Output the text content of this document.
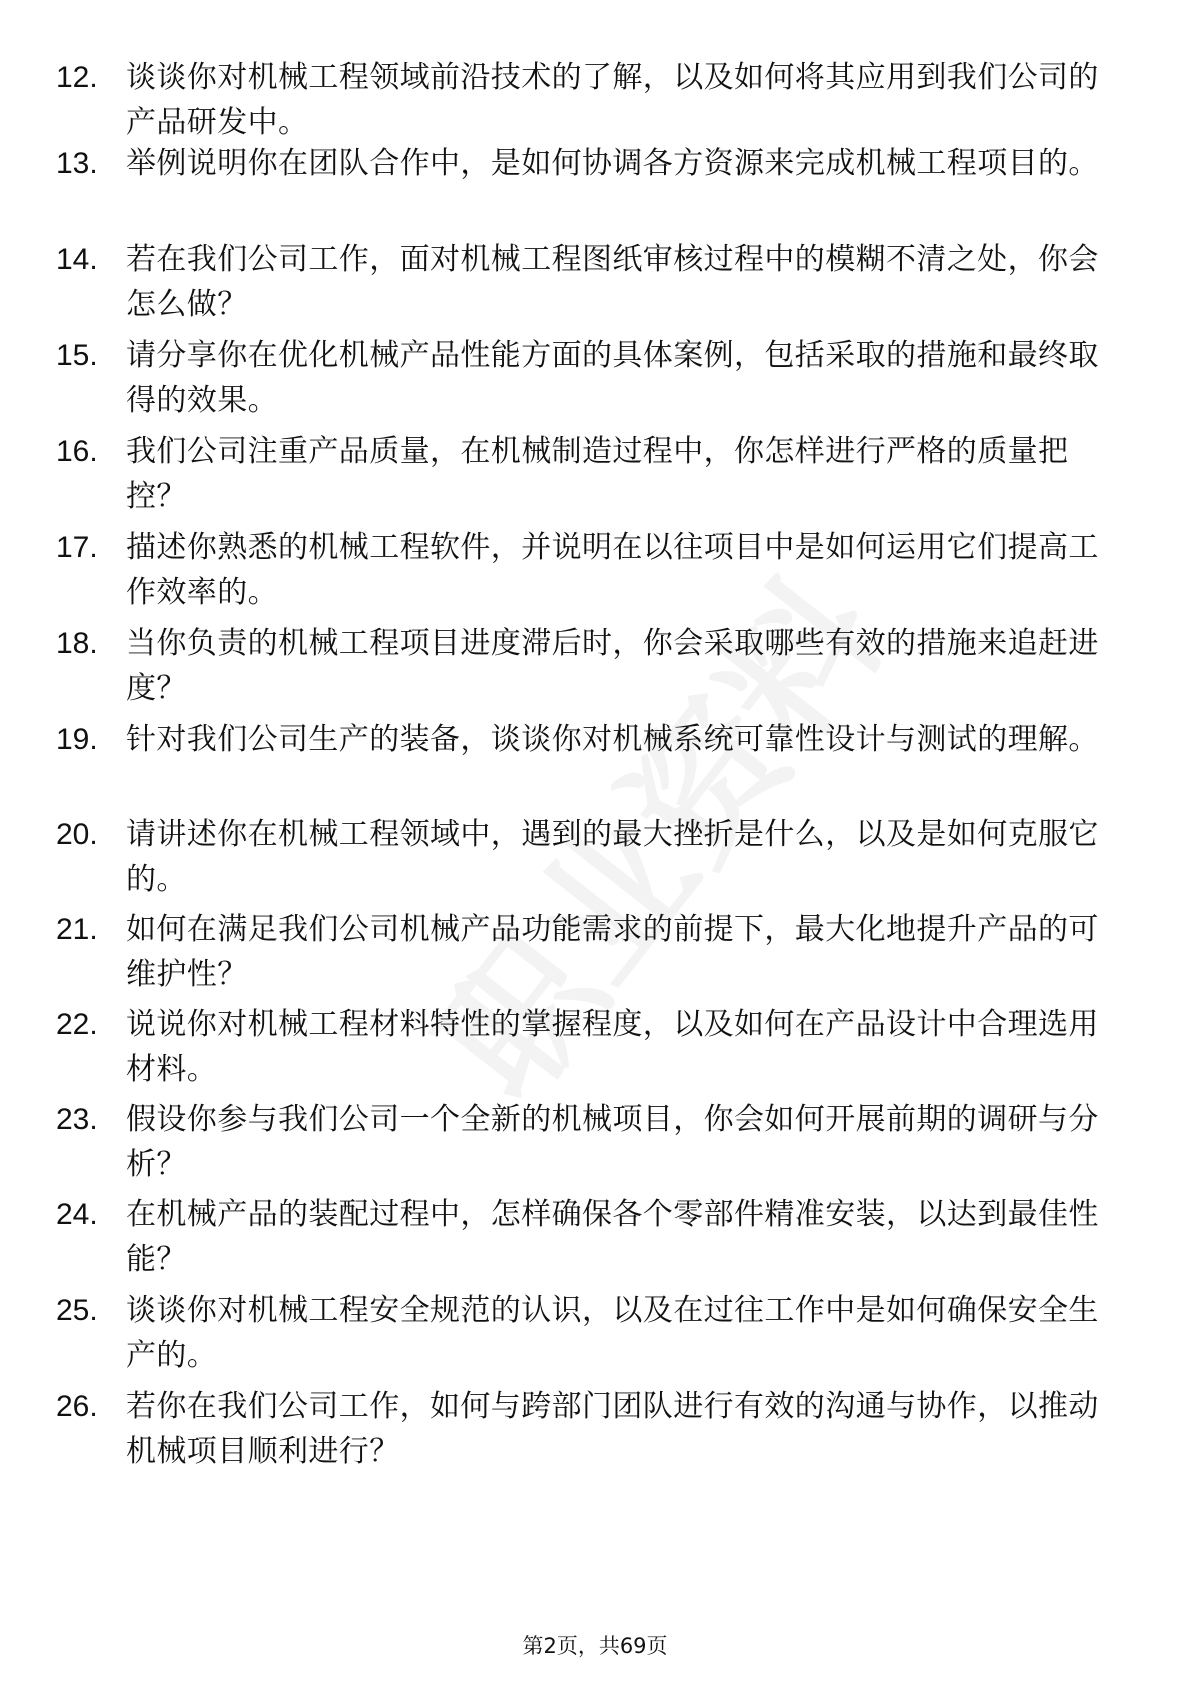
12. 谈谈你对机械工程领域前沿技术的了解，以及如何将其应用到我们公司的产品研发中。
13. 举例说明你在团队合作中，是如何协调各方资源来完成机械工程项目的。
14. 若在我们公司工作，面对机械工程图纸审核过程中的模糊不清之处，你会怎么做？
15. 请分享你在优化机械产品性能方面的具体案例，包括采取的措施和最终取得的效果。
16. 我们公司注重产品质量，在机械制造过程中，你怎样进行严格的质量把控？
17. 描述你熟悉的机械工程软件，并说明在以往项目中是如何运用它们提高工作效率的。
18. 当你负责的机械工程项目进度滞后时，你会采取哪些有效的措施来追赶进度？
19. 针对我们公司生产的装备，谈谈你对机械系统可靠性设计与测试的理解。
20. 请讲述你在机械工程领域中，遇到的最大挫折是什么，以及是如何克服它的。
21. 如何在满足我们公司机械产品功能需求的前提下，最大化地提升产品的可维护性？
22. 说说你对机械工程材料特性的掌握程度，以及如何在产品设计中合理选用材料。
23. 假设你参与我们公司一个全新的机械项目，你会如何开展前期的调研与分析？
24. 在机械产品的装配过程中，怎样确保各个零部件精准安装，以达到最佳性能？
25. 谈谈你对机械工程安全规范的认识，以及在过往工作中是如何确保安全生产的。
26. 若你在我们公司工作，如何与跨部门团队进行有效的沟通与协作，以推动机械项目顺利进行？
第2页，共69页
